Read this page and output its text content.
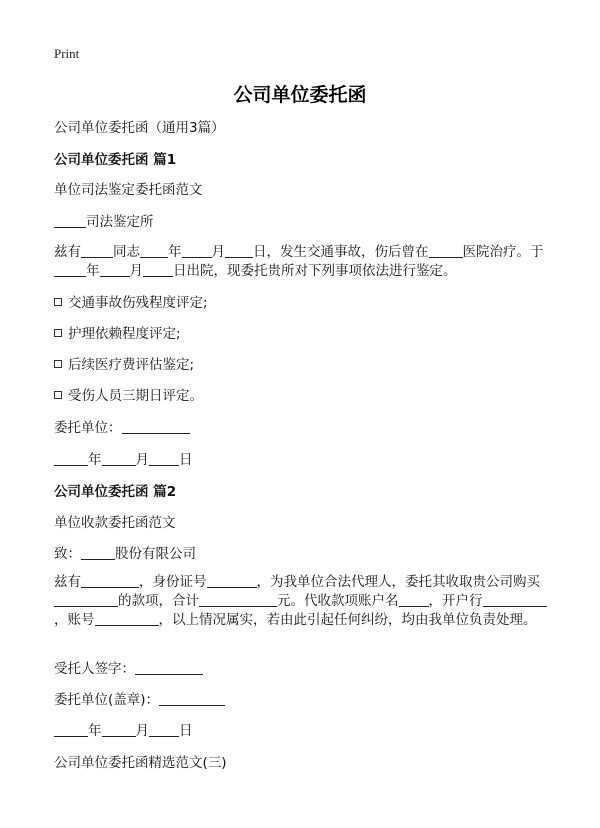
Print
公司单位委托函
公司单位委托函（通用3篇）
公司单位委托函 篇1
单位司法鉴定委托函范文
司法鉴定所
兹有 同志 年 月 日，发生交通事故，伤后曾在	医院治疗。于年 月 日出院，现委托贵所对下列事项依法进行鉴定。
交通事故伤残程度评定;
护理依赖程度评定;
后续医疗费评估鉴定;
受伤人员三期日评定。
委托单位：
年	月 日
公司单位委托函 篇2
单位收款委托函范文
致：	股份有限公司
兹有	，身份证号	，为我单位合法代理人，委托其收取贵公司购买的款项，合计	元。代收款项账户名 ，开户行，账号	，以上情况属实，若由此引起任何纠纷，均由我单位负责处理。
受托人签字：
委托单位(盖章)：
年	月 日
公司单位委托函精选范文(三)
